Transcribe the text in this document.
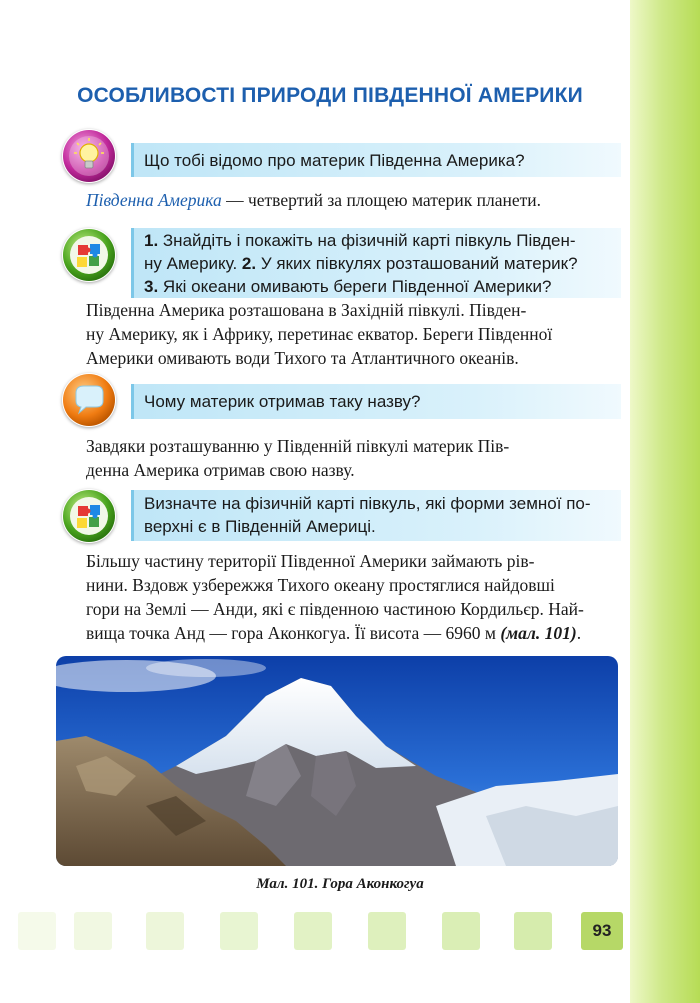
ОСОБЛИВОСТІ ПРИРОДИ ПІВДЕННОЇ АМЕРИКИ
Що тобі відомо про материк Південна Америка?
Південна Америка — четвертий за площею материк планети.
1. Знайдіть і покажіть на фізичній карті півкуль Півден-
ну Америку. 2. У яких півкулях розташований материк?
3. Які океани омивають береги Південної Америки?

Південна Америка розташована в Західній півкулі. Півден-

ну Америку, як і Африку, перетинає екватор. Береги Південної

Америки омивають води Тихого та Атлантичного океанів.

Чому материк отримав таку назву?

Завдяки розташуванню у Південній півкулі материк Пів-

денна Америка отримав свою назву.

Визначте на фізичній карті півкуль, які форми земної по-
верхні є в Південній Америці.

Більшу частину території Південної Америки займають рів-

нини. Вздовж узбережжя Тихого океану простяглися найдовші

гори на Землі — Анди, які є південною частиною Кордильєр. Най-

вища точка Анд — гора Аконкогуа. Її висота — 6960 м (мал. 101).

Мал. 101. Гора Аконкогуа
93
